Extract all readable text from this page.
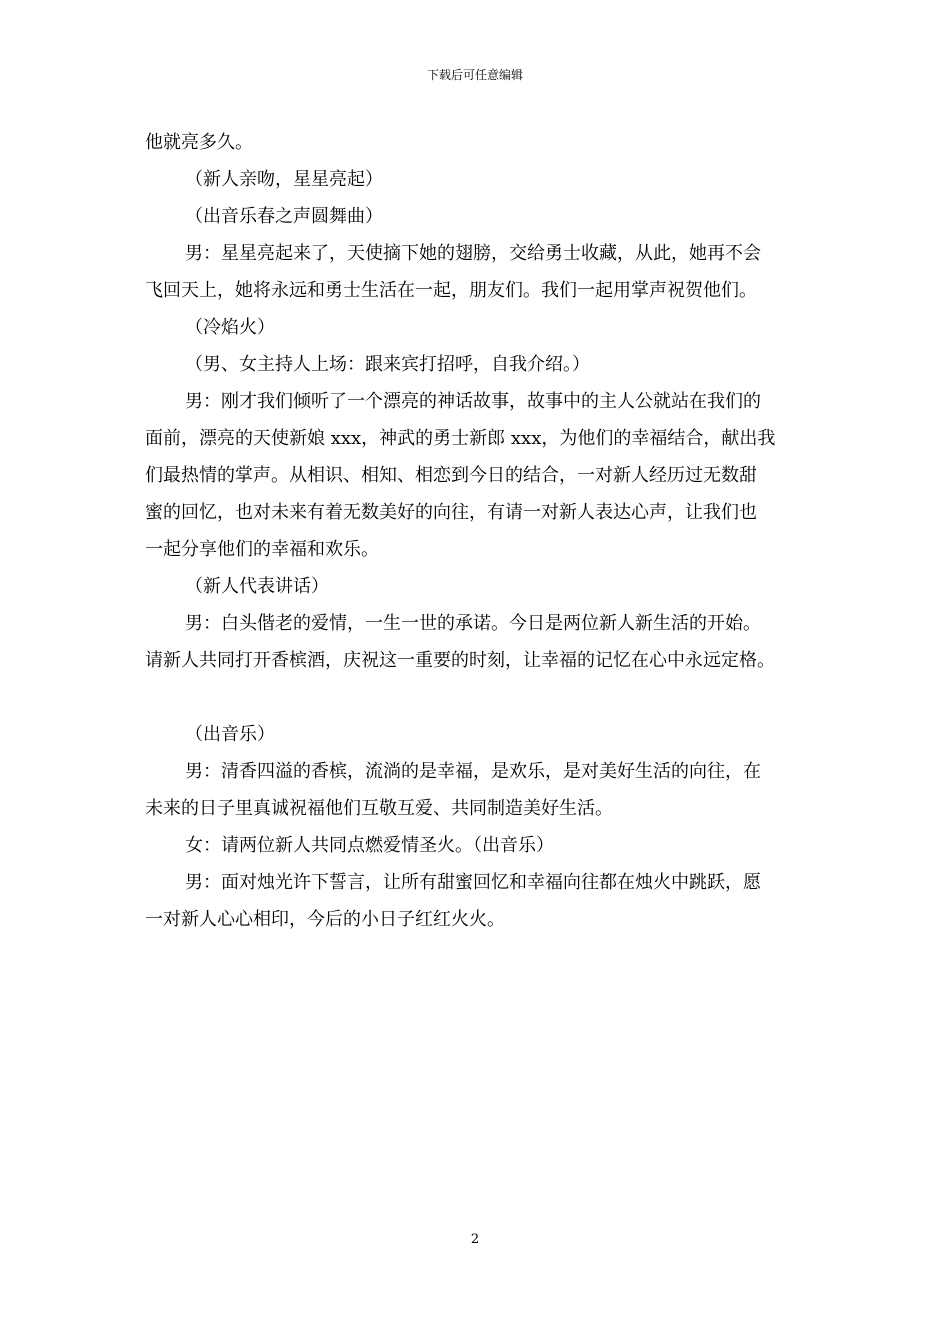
下载后可任意编辑
他就亮多久。
（新人亲吻，星星亮起）
（出音乐春之声圆舞曲）
男：星星亮起来了，天使摘下她的翅膀，交给勇士收藏，从此，她再不会
飞回天上，她将永远和勇士生活在一起，朋友们。我们一起用掌声祝贺他们。
（冷焰火）
（男、女主持人上场：跟来宾打招呼，自我介绍。）
男：刚才我们倾听了一个漂亮的神话故事，故事中的主人公就站在我们的
面前，漂亮的天使新娘 xxx，神武的勇士新郎 xxx，为他们的幸福结合，献出我
们最热情的掌声。从相识、相知、相恋到今日的结合，一对新人经历过无数甜
蜜的回忆，也对未来有着无数美好的向往，有请一对新人表达心声，让我们也
一起分享他们的幸福和欢乐。
（新人代表讲话）
男：白头偕老的爱情，一生一世的承诺。今日是两位新人新生活的开始。
请新人共同打开香槟酒，庆祝这一重要的时刻，让幸福的记忆在心中永远定格。
（出音乐）
男：清香四溢的香槟，流淌的是幸福，是欢乐，是对美好生活的向往，在
未来的日子里真诚祝福他们互敬互爱、共同制造美好生活。
女：请两位新人共同点燃爱情圣火。（出音乐）
男：面对烛光许下誓言，让所有甜蜜回忆和幸福向往都在烛火中跳跃，愿
一对新人心心相印，今后的小日子红红火火。
2
